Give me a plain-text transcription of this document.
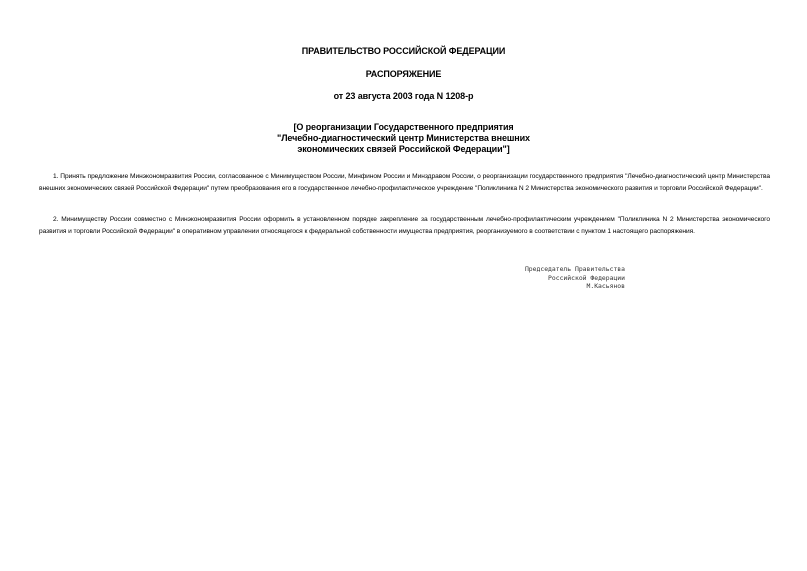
ПРАВИТЕЛЬСТВО РОССИЙСКОЙ ФЕДЕРАЦИИ
РАСПОРЯЖЕНИЕ
от 23 августа 2003 года N 1208-р
[О реорганизации Государственного предприятия
"Лечебно-диагностический центр Министерства внешних
экономических связей Российской Федерации"]
1. Принять предложение Минэкономразвития России, согласованное с Минимуществом России, Минфином России и Минздравом России, о реорганизации государственного предприятия "Лечебно-диагностический центр Министерства внешних экономических связей Российской Федерации" путем преобразования его в государственное лечебно-профилактическое учреждение "Поликлиника N 2 Министерства экономического развития и торговли Российской Федерации".
2. Минимуществу России совместно с Минэкономразвития России оформить в установленном порядке закрепление за государственным лечебно-профилактическим учреждением "Поликлиника N 2 Министерства экономического развития и торговли Российской Федерации" в оперативном управлении относящегося к федеральной собственности имущества предприятия, реорганизуемого в соответствии с пунктом 1 настоящего распоряжения.
Председатель Правительства
Российской Федерации
М.Касьянов
